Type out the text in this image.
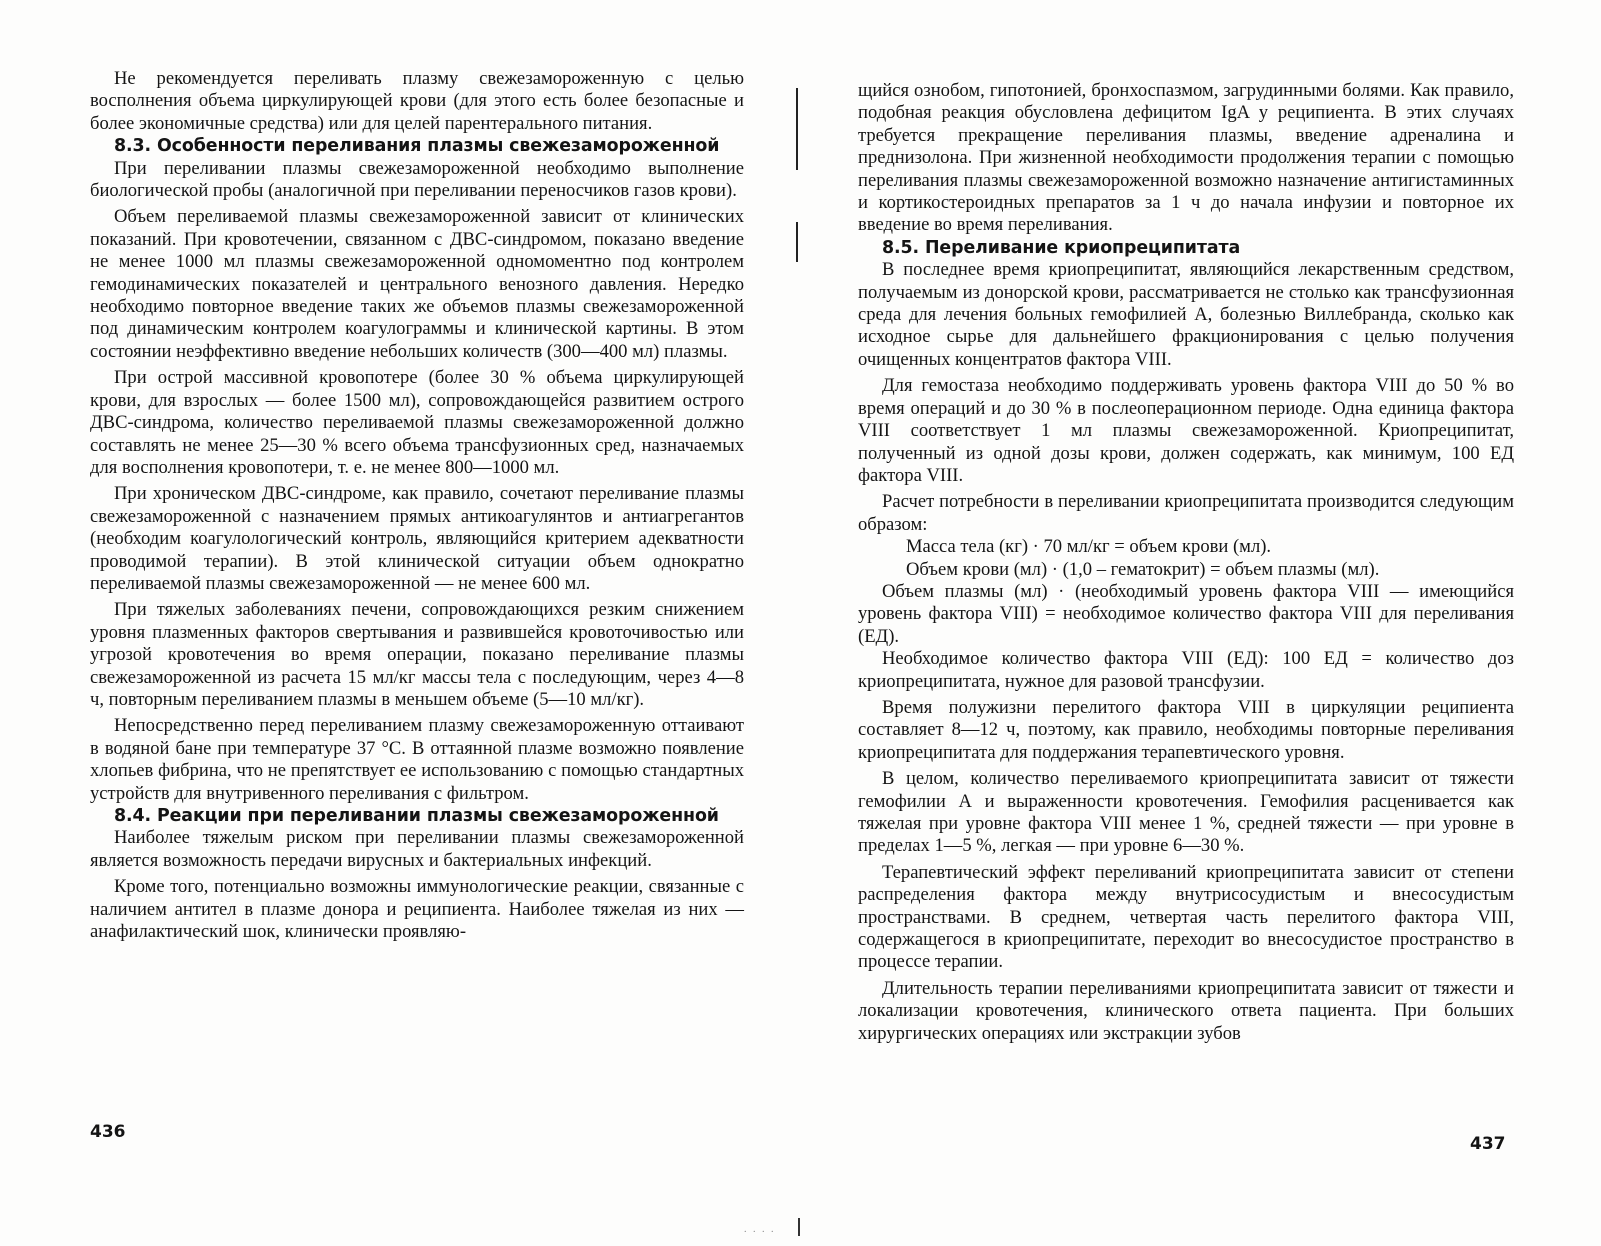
. . . .

Не рекомендуется переливать плазму свежезамороженную с целью восполнения объема циркулирующей крови (для этого есть более безопасные и более экономичные средства) или для целей парентерального питания.

8.3. Особенности переливания плазмы свежезамороженной

При переливании плазмы свежезамороженной необходимо выполнение биологической пробы (аналогичной при переливании переносчиков газов крови).

Объем переливаемой плазмы свежезамороженной зависит от клинических показаний. При кровотечении, связанном с ДВС-синдромом, показано введение не менее 1000 мл плазмы свежезамороженной одномоментно под контролем гемодинамических показателей и центрального венозного давления. Нередко необходимо повторное введение таких же объемов плазмы свежезамороженной под динамическим контролем коагулограммы и клинической картины. В этом состоянии неэффективно введение небольших количеств (300—400 мл) плазмы.

При острой массивной кровопотере (более 30 % объема циркулирующей крови, для взрослых — более 1500 мл), сопровождающейся развитием острого ДВС-синдрома, количество переливаемой плазмы свежезамороженной должно составлять не менее 25—30 % всего объема трансфузионных сред, назначаемых для восполнения кровопотери, т. е. не менее 800—1000 мл.

При хроническом ДВС-синдроме, как правило, сочетают переливание плазмы свежезамороженной с назначением прямых антикоагулянтов и антиагрегантов (необходим коагулологический контроль, являющийся критерием адекватности проводимой терапии). В этой клинической ситуации объем однократно переливаемой плазмы свежезамороженной — не менее 600 мл.

При тяжелых заболеваниях печени, сопровождающихся резким снижением уровня плазменных факторов свертывания и развившейся кровоточивостью или угрозой кровотечения во время операции, показано переливание плазмы свежезамороженной из расчета 15 мл/кг массы тела с последующим, через 4—8 ч, повторным переливанием плазмы в меньшем объеме (5—10 мл/кг).

Непосредственно перед переливанием плазму свежезамороженную оттаивают в водяной бане при температуре 37 °С. В оттаянной плазме возможно появление хлопьев фибрина, что не препятствует ее использованию с помощью стандартных устройств для внутривенного переливания с фильтром.

8.4. Реакции при переливании плазмы свежезамороженной

Наиболее тяжелым риском при переливании плазмы свежезамороженной является возможность передачи вирусных и бактериальных инфекций.

Кроме того, потенциально возможны иммунологические реакции, связанные с наличием антител в плазме донора и реципиента. Наиболее тяжелая из них — анафилактический шок, клинически проявляю-

436

щийся ознобом, гипотонией, бронхоспазмом, загрудинными болями. Как правило, подобная реакция обусловлена дефицитом IgA у реципиента. В этих случаях требуется прекращение переливания плазмы, введение адреналина и преднизолона. При жизненной необходимости продолжения терапии с помощью переливания плазмы свежезамороженной возможно назначение антигистаминных и кортикостероидных препаратов за 1 ч до начала инфузии и повторное их введение во время переливания.

8.5. Переливание криопреципитата

В последнее время криопреципитат, являющийся лекарственным средством, получаемым из донорской крови, рассматривается не столько как трансфузионная среда для лечения больных гемофилией А, болезнью Виллебранда, сколько как исходное сырье для дальнейшего фракционирования с целью получения очищенных концентратов фактора VIII.

Для гемостаза необходимо поддерживать уровень фактора VIII до 50 % во время операций и до 30 % в послеоперационном периоде. Одна единица фактора VIII соответствует 1 мл плазмы свежезамороженной. Криопреципитат, полученный из одной дозы крови, должен содержать, как минимум, 100 ЕД фактора VIII.

Расчет потребности в переливании криопреципитата производится следующим образом:

Масса тела (кг) · 70 мл/кг = объем крови (мл).

Объем крови (мл) · (1,0 – гематокрит) = объем плазмы (мл).

Объем плазмы (мл) · (необходимый уровень фактора VIII — имеющийся уровень фактора VIII) = необходимое количество фактора VIII для переливания (ЕД).

Необходимое количество фактора VIII (ЕД): 100 ЕД = количество доз криопреципитата, нужное для разовой трансфузии.

Время полужизни перелитого фактора VIII в циркуляции реципиента составляет 8—12 ч, поэтому, как правило, необходимы повторные переливания криопреципитата для поддержания терапевтического уровня.

В целом, количество переливаемого криопреципитата зависит от тяжести гемофилии А и выраженности кровотечения. Гемофилия расценивается как тяжелая при уровне фактора VIII менее 1 %, средней тяжести — при уровне в пределах 1—5 %, легкая — при уровне 6—30 %.

Терапевтический эффект переливаний криопреципитата зависит от степени распределения фактора между внутрисосудистым и внесосудистым пространствами. В среднем, четвертая часть перелитого фактора VIII, содержащегося в криопреципитате, переходит во внесосудистое пространство в процессе терапии.

Длительность терапии переливаниями криопреципитата зависит от тяжести и локализации кровотечения, клинического ответа пациента. При больших хирургических операциях или экстракции зубов

437
